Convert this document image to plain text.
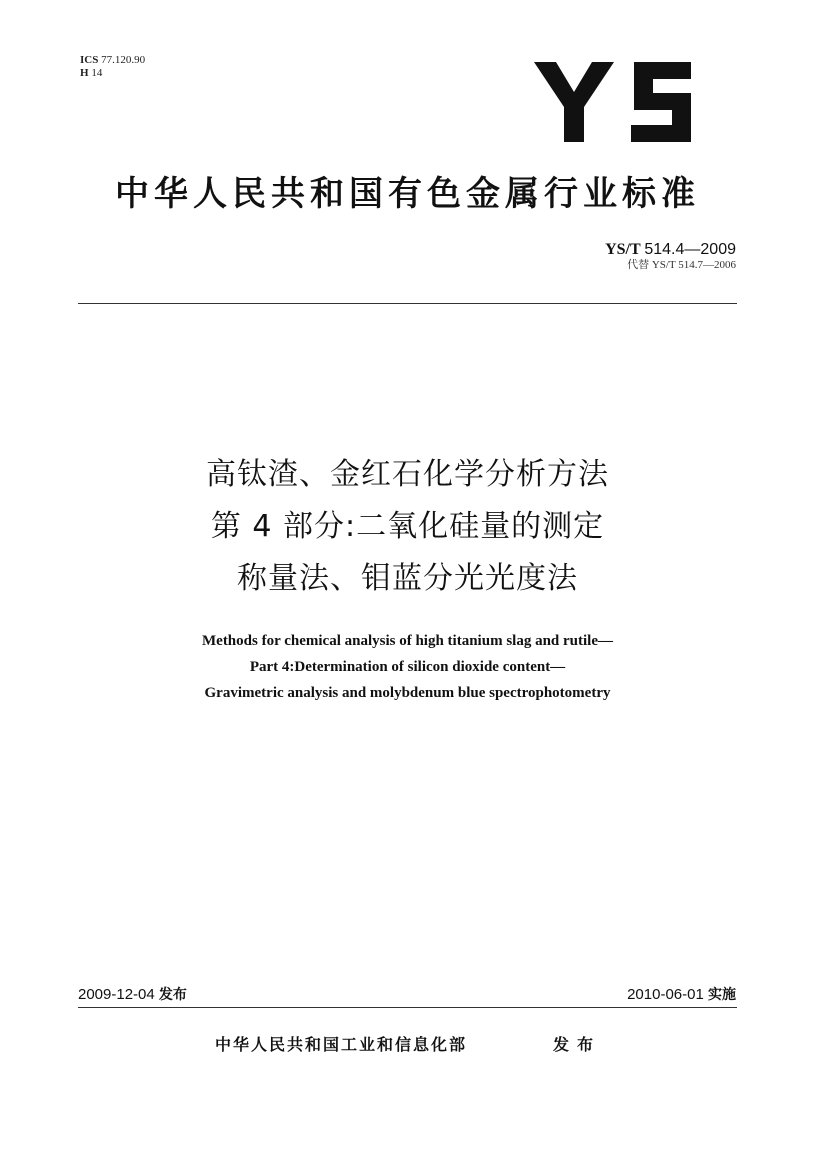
ICS 77.120.90
H 14
中华人民共和国有色金属行业标准
YS/T 514.4—2009
代替 YS/T 514.7—2006
高钛渣、金红石化学分析方法
第 4 部分:二氧化硅量的测定
称量法、钼蓝分光光度法
Methods for chemical analysis of high titanium slag and rutile—
Part 4:Determination of silicon dioxide content—
Gravimetric analysis and molybdenum blue spectrophotometry
2009-12-04 发布	2010-06-01 实施
中华人民共和国工业和信息化部	发布
